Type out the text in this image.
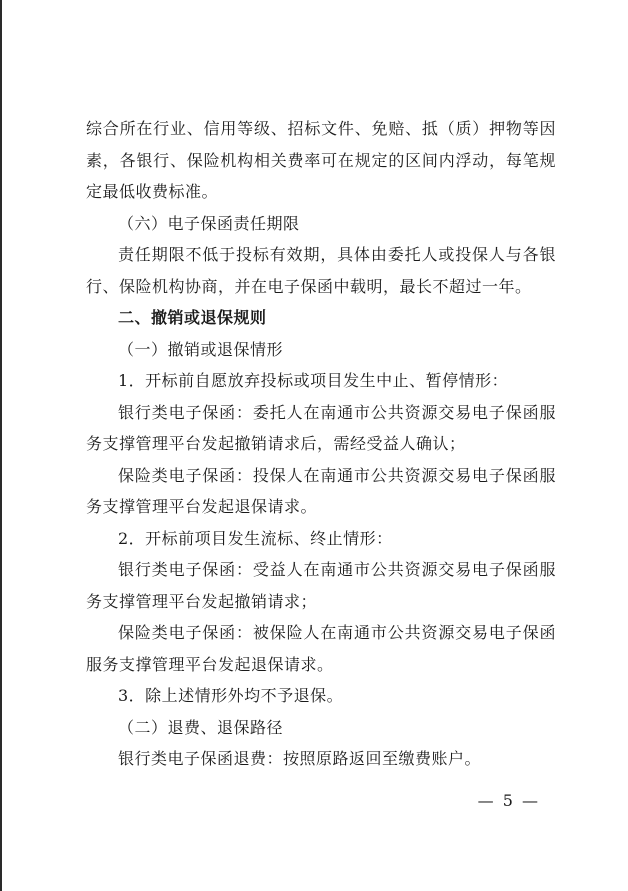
综合所在行业、信用等级、招标文件、免赔、抵（质）押物等因素，各银行、保险机构相关费率可在规定的区间内浮动，每笔规定最低收费标准。

（六）电子保函责任期限

责任期限不低于投标有效期，具体由委托人或投保人与各银行、保险机构协商，并在电子保函中载明，最长不超过一年。

二、撤销或退保规则

（一）撤销或退保情形

1．开标前自愿放弃投标或项目发生中止、暂停情形：

银行类电子保函：委托人在南通市公共资源交易电子保函服务支撑管理平台发起撤销请求后，需经受益人确认；

保险类电子保函：投保人在南通市公共资源交易电子保函服务支撑管理平台发起退保请求。

2．开标前项目发生流标、终止情形：

银行类电子保函：受益人在南通市公共资源交易电子保函服务支撑管理平台发起撤销请求；

保险类电子保函：被保险人在南通市公共资源交易电子保函服务支撑管理平台发起退保请求。

3．除上述情形外均不予退保。

（二）退费、退保路径

银行类电子保函退费：按照原路返回至缴费账户。

— 5 —
